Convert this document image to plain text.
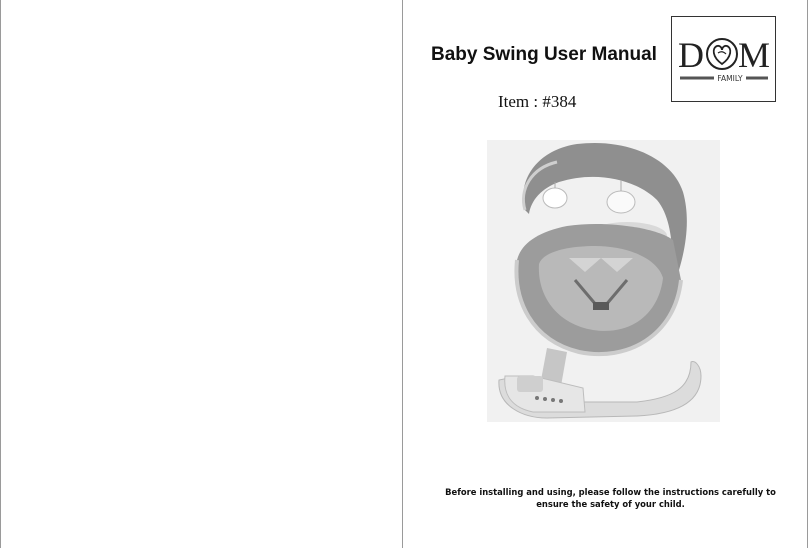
Baby Swing User Manual
Item : #384
D M
FAMILY
Before installing and using, please follow the instructions carefully to ensure the safety of your child.
